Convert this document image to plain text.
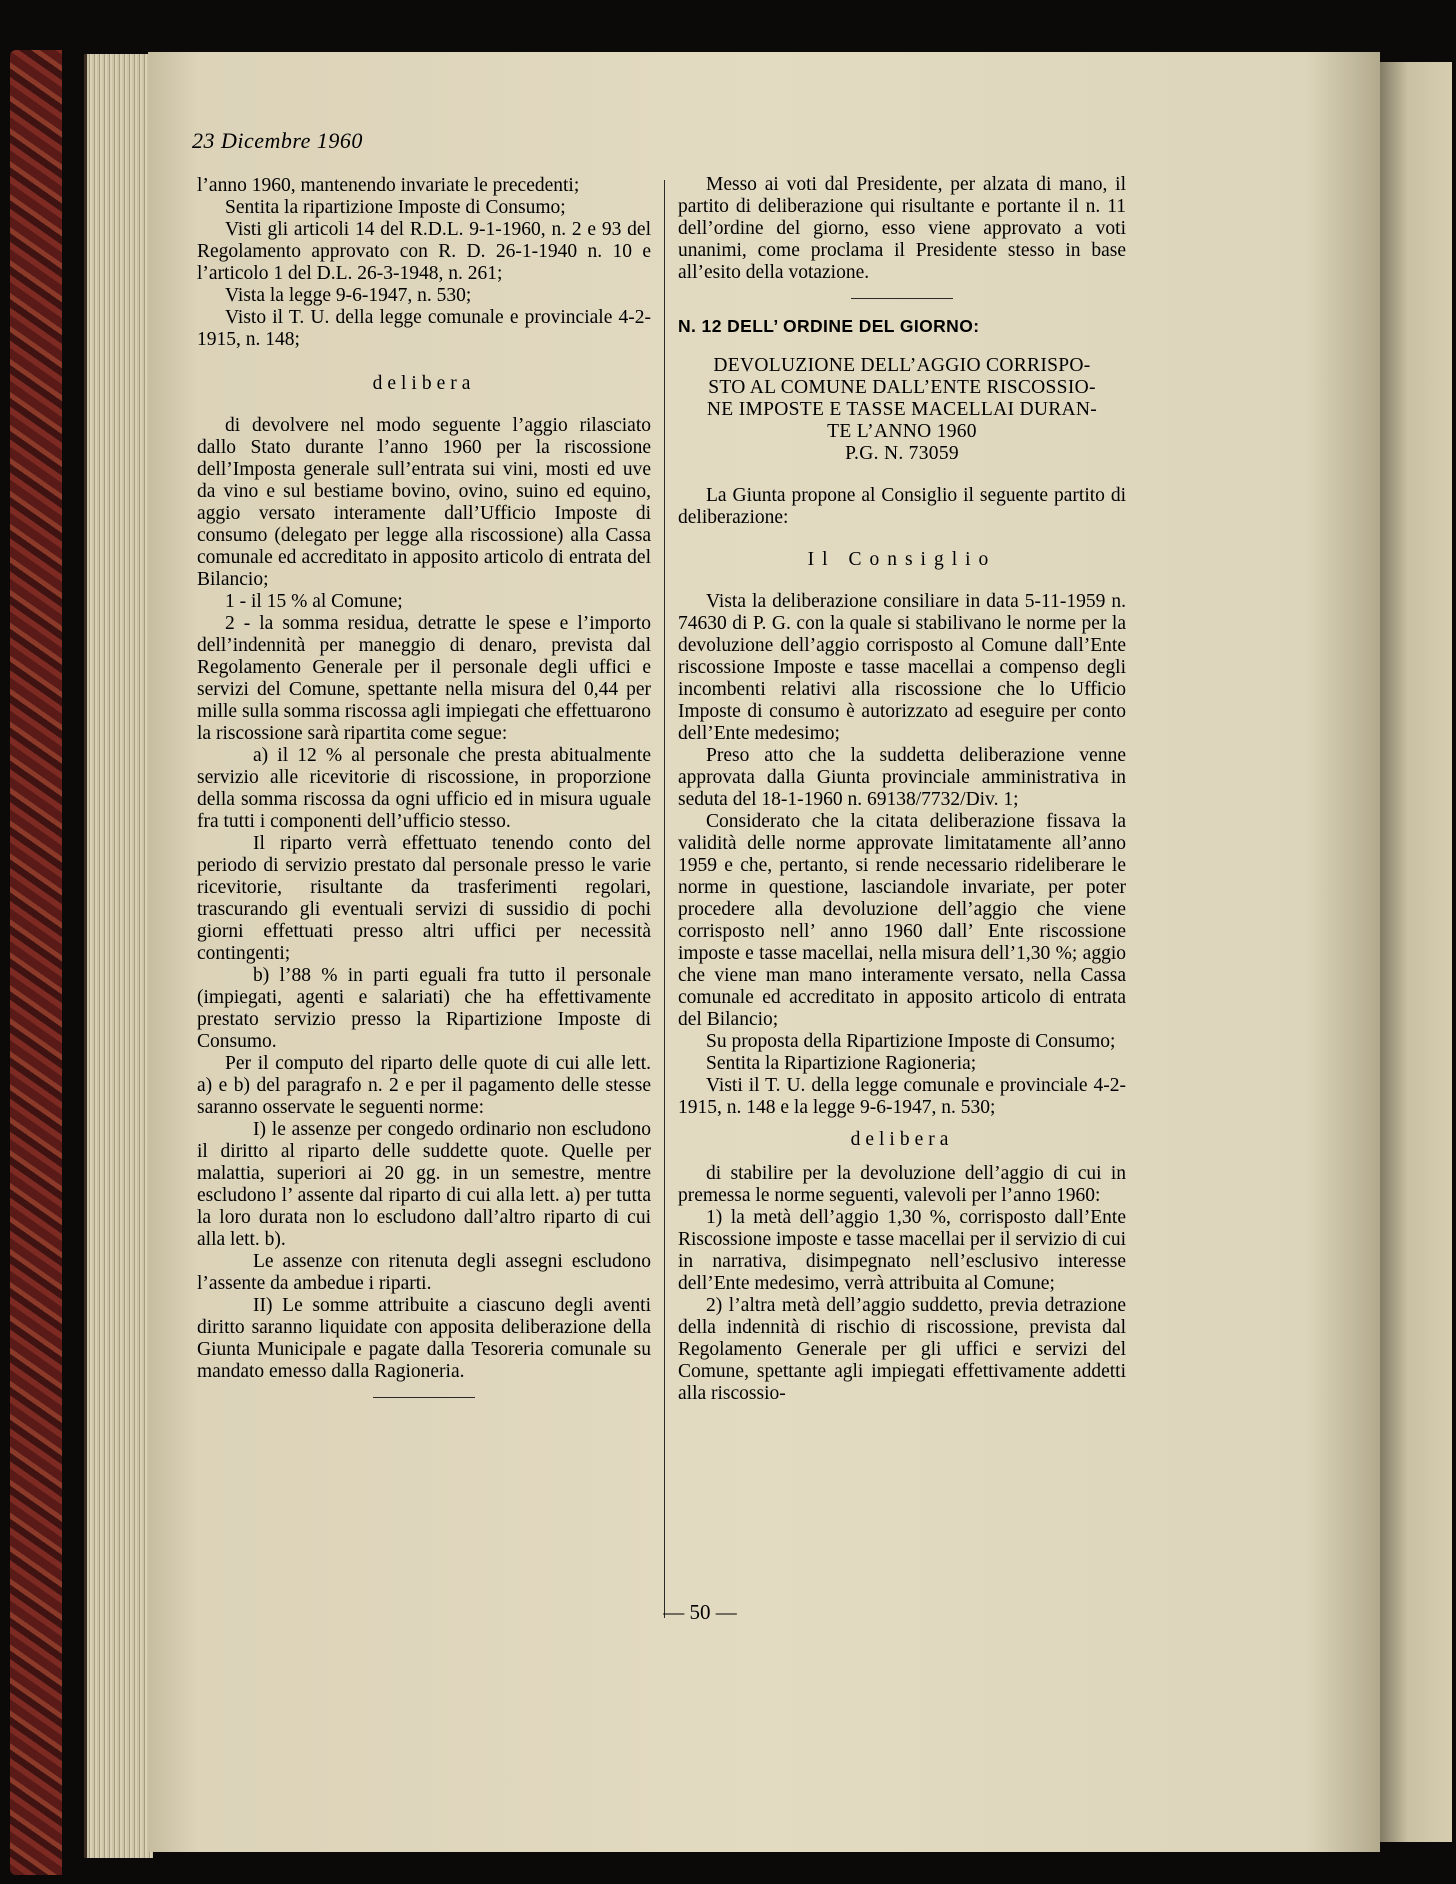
23 Dicembre 1960

l’anno 1960, mantenendo invariate le precedenti;

Sentita la ripartizione Imposte di Consumo;

Visti gli articoli 14 del R.D.L. 9-1-1960, n. 2 e 93 del Regolamento approvato con R. D. 26-1-1940 n. 10 e l’articolo 1 del D.L. 26-3-1948, n. 261;

Vista la legge 9-6-1947, n. 530;

Visto il T. U. della legge comunale e provinciale 4-2-1915, n. 148;

delibera

di devolvere nel modo seguente l’aggio rilasciato dallo Stato durante l’anno 1960 per la riscossione dell’Imposta generale sull’entrata sui vini, mosti ed uve da vino e sul bestiame bovino, ovino, suino ed equino, aggio versato interamente dall’Ufficio Imposte di consumo (delegato per legge alla riscossione) alla Cassa comunale ed accreditato in apposito articolo di entrata del Bilancio;

1 - il 15 % al Comune;

2 - la somma residua, detratte le spese e l’importo dell’indennità per maneggio di denaro, prevista dal Regolamento Generale per il personale degli uffici e servizi del Comune, spettante nella misura del 0,44 per mille sulla somma riscossa agli impiegati che effettuarono la riscossione sarà ripartita come segue:

a) il 12 % al personale che presta abitualmente servizio alle ricevitorie di riscossione, in proporzione della somma riscossa da ogni ufficio ed in misura uguale fra tutti i componenti dell’ufficio stesso.

Il riparto verrà effettuato tenendo conto del periodo di servizio prestato dal personale presso le varie ricevitorie, risultante da trasferimenti regolari, trascurando gli eventuali servizi di sussidio di pochi giorni effettuati presso altri uffici per necessità contingenti;

b) l’88 % in parti eguali fra tutto il personale (impiegati, agenti e salariati) che ha effettivamente prestato servizio presso la Ripartizione Imposte di Consumo.

Per il computo del riparto delle quote di cui alle lett. a) e b) del paragrafo n. 2 e per il pagamento delle stesse saranno osservate le seguenti norme:

I) le assenze per congedo ordinario non escludono il diritto al riparto delle suddette quote. Quelle per malattia, superiori ai 20 gg. in un semestre, mentre escludono l’ assente dal riparto di cui alla lett. a) per tutta la loro durata non lo escludono dall’altro riparto di cui alla lett. b).

Le assenze con ritenuta degli assegni escludono l’assente da ambedue i riparti.

II) Le somme attribuite a ciascuno degli aventi diritto saranno liquidate con apposita deliberazione della Giunta Municipale e pagate dalla Tesoreria comunale su mandato emesso dalla Ragioneria.

Messo ai voti dal Presidente, per alzata di mano, il partito di deliberazione qui risultante e portante il n. 11 dell’ordine del giorno, esso viene approvato a voti unanimi, come proclama il Presidente stesso in base all’esito della votazione.

N. 12 DELL’ ORDINE DEL GIORNO:

DEVOLUZIONE DELL’AGGIO CORRISPO-
STO AL COMUNE DALL’ENTE RISCOSSIO-
NE IMPOSTE E TASSE MACELLAI DURAN-
TE L’ANNO 1960
P.G. N. 73059

La Giunta propone al Consiglio il seguente partito di deliberazione:

Il Consiglio

Vista la deliberazione consiliare in data 5-11-1959 n. 74630 di P. G. con la quale si stabilivano le norme per la devoluzione dell’aggio corrisposto al Comune dall’Ente riscossione Imposte e tasse macellai a compenso degli incombenti relativi alla riscossione che lo Ufficio Imposte di consumo è autorizzato ad eseguire per conto dell’Ente medesimo;

Preso atto che la suddetta deliberazione venne approvata dalla Giunta provinciale amministrativa in seduta del 18-1-1960 n. 69138/7732/Div. 1;

Considerato che la citata deliberazione fissava la validità delle norme approvate limitatamente all’anno 1959 e che, pertanto, si rende necessario rideliberare le norme in questione, lasciandole invariate, per poter procedere alla devoluzione dell’aggio che viene corrisposto nell’ anno 1960 dall’ Ente riscossione imposte e tasse macellai, nella misura dell’1,30 %; aggio che viene man mano interamente versato, nella Cassa comunale ed accreditato in apposito articolo di entrata del Bilancio;

Su proposta della Ripartizione Imposte di Consumo;

Sentita la Ripartizione Ragioneria;

Visti il T. U. della legge comunale e provinciale 4-2-1915, n. 148 e la legge 9-6-1947, n. 530;

delibera

di stabilire per la devoluzione dell’aggio di cui in premessa le norme seguenti, valevoli per l’anno 1960:

1) la metà dell’aggio 1,30 %, corrisposto dall’Ente Riscossione imposte e tasse macellai per il servizio di cui in narrativa, disimpegnato nell’esclusivo interesse dell’Ente medesimo, verrà attribuita al Comune;

2) l’altra metà dell’aggio suddetto, previa detrazione della indennità di rischio di riscossione, prevista dal Regolamento Generale per gli uffici e servizi del Comune, spettante agli impiegati effettivamente addetti alla riscossio-

— 50 —
